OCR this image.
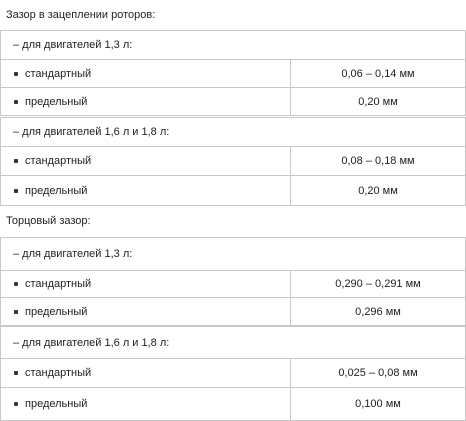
Зазор в зацеплении роторов:
– для двигателей 1,3 л:
стандартный	0,06 – 0,14 мм
предельный	0,20 мм
– для двигателей 1,6 л и 1,8 л:
стандартный	0,08 – 0,18 мм
предельный	0,20 мм
Торцовый зазор:
– для двигателей 1,3 л:
стандартный	0,290 – 0,291 мм
предельный	0,296 мм
– для двигателей 1,6 л и 1,8 л:
стандартный	0,025 – 0,08 мм
предельный	0,100 мм
